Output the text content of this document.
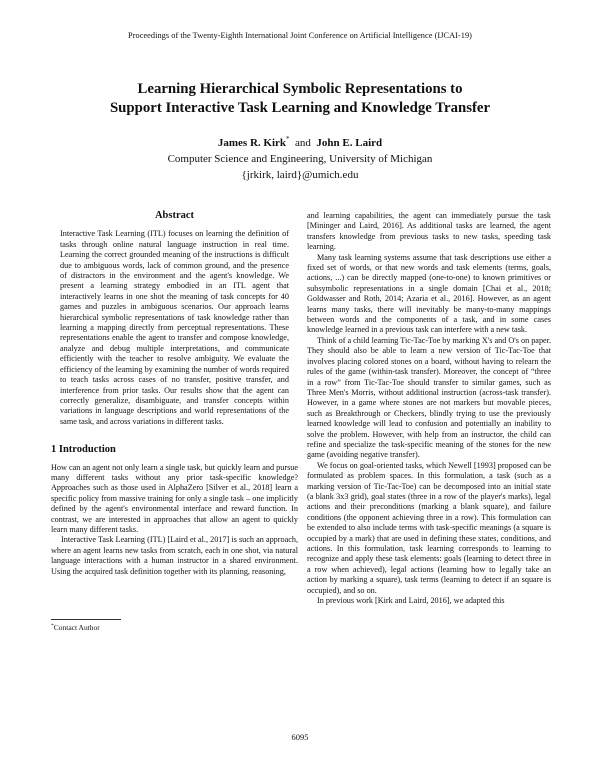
Proceedings of the Twenty-Eighth International Joint Conference on Artificial Intelligence (IJCAI-19)
Learning Hierarchical Symbolic Representations to
Support Interactive Task Learning and Knowledge Transfer
James R. Kirk* and John E. Laird
Computer Science and Engineering, University of Michigan
{jrkirk, laird}@umich.edu
Abstract

Interactive Task Learning (ITL) focuses on learning the definition of tasks through online natural language instruction in real time. Learning the correct grounded meaning of the instructions is difficult due to ambiguous words, lack of common ground, and the presence of distractors in the environment and the agent's knowledge. We present a learning strategy embodied in an ITL agent that interactively learns in one shot the meaning of task concepts for 40 games and puzzles in ambiguous scenarios. Our approach learns hierarchical symbolic representations of task knowledge rather than learning a mapping directly from perceptual representations. These representations enable the agent to transfer and compose knowledge, analyze and debug multiple interpretations, and communicate efficiently with the teacher to resolve ambiguity. We evaluate the efficiency of the learning by examining the number of words required to teach tasks across cases of no transfer, positive transfer, and interference from prior tasks. Our results show that the agent can correctly generalize, disambiguate, and transfer concepts within variations in language descriptions and world representations of the same task, and across variations in different tasks.

1 Introduction

How can an agent not only learn a single task, but quickly learn and pursue many different tasks without any prior task-specific knowledge? Approaches such as those used in AlphaZero [Silver et al., 2018] learn a specific policy from massive training for only a single task – one implicitly defined by the agent's environmental interface and reward function. In contrast, we are interested in approaches that allow an agent to quickly learn many different tasks.

Interactive Task Learning (ITL) [Laird et al., 2017] is such an approach, where an agent learns new tasks from scratch, each in one shot, via natural language interactions with a human instructor in a shared environment. Using the acquired task definition together with its planning, reasoning,

and learning capabilities, the agent can immediately pursue the task [Mininger and Laird, 2016]. As additional tasks are learned, the agent transfers knowledge from previous tasks to new tasks, speeding task learning.

Many task learning systems assume that task descriptions use either a fixed set of words, or that new words and task elements (terms, goals, actions, ...) can be directly mapped (one-to-one) to known primitives or subsymbolic representations in a single domain [Chai et al., 2018; Goldwasser and Roth, 2014; Azaria et al., 2016]. However, as an agent learns many tasks, there will inevitably be many-to-many mappings between words and the components of a task, and in some cases knowledge learned in a previous task can interfere with a new task.

Think of a child learning Tic-Tac-Toe by marking X's and O's on paper. They should also be able to learn a new version of Tic-Tac-Toe that involves placing colored stones on a board, without having to relearn the rules of the game (within-task transfer). Moreover, the concept of “three in a row” from Tic-Tac-Toe should transfer to similar games, such as Three Men's Morris, without additional instruction (across-task transfer). However, in a game where stones are not markers but movable pieces, such as Breakthrough or Checkers, blindly trying to use the previously learned knowledge will lead to confusion and potentially an inability to solve the problem. However, with help from an instructor, the child can refine and specialize the task-specific meaning of the stones for the new game (avoiding negative transfer).

We focus on goal-oriented tasks, which Newell [1993] proposed can be formulated as problem spaces. In this formulation, a task (such as a marking version of Tic-Tac-Toe) can be decomposed into an initial state (a blank 3x3 grid), goal states (three in a row of the player's marks), legal actions and their preconditions (marking a blank square), and failure conditions (the opponent achieving three in a row). This formulation can be extended to also include terms with task-specific meanings (a square is occupied by a mark) that are used in defining these states, conditions, and actions. In this formulation, task learning corresponds to learning to recognize and apply these task elements: goals (learning to detect three in a row when achieved), legal actions (learning how to legally take an action by marking a square), task terms (learning to detect if an square is occupied), and so on.

In previous work [Kirk and Laird, 2016], we adapted this

*Contact Author
6095
